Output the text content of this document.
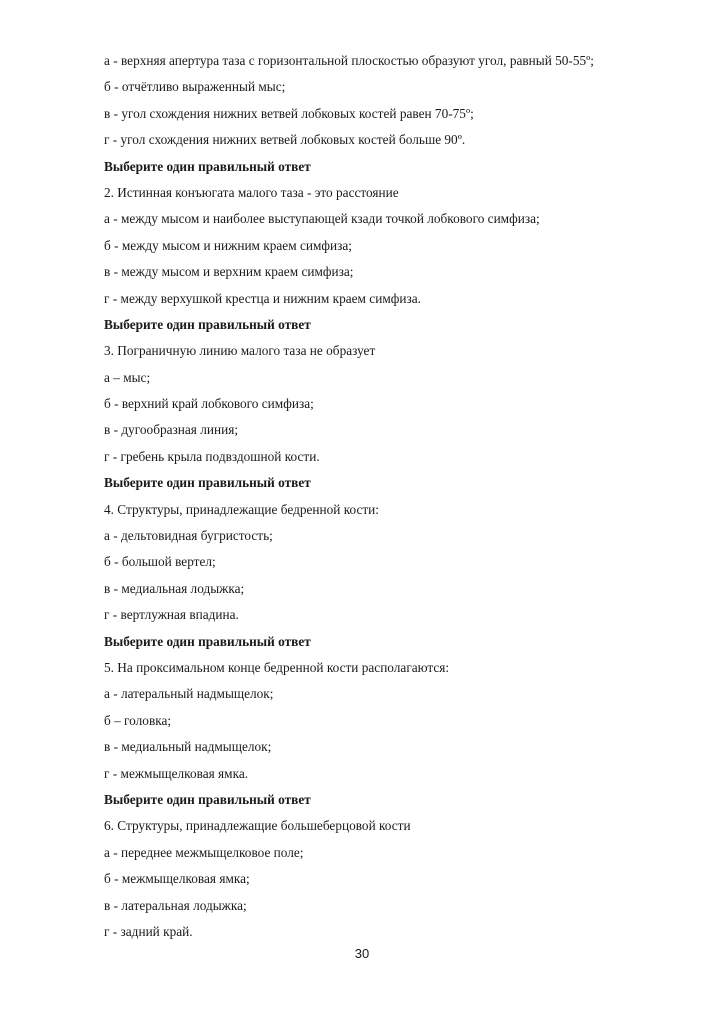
а - верхняя апертура таза с горизонтальной плоскостью образуют угол, равный 50-55º;
б - отчётливо выраженный мыс;
в - угол схождения нижних ветвей лобковых костей равен 70-75º;
г - угол схождения нижних ветвей лобковых костей больше 90º.
Выберите один правильный ответ
2. Истинная конъюгата малого таза - это расстояние
а - между мысом и наиболее выступающей кзади точкой лобкового симфиза;
б - между мысом и нижним краем симфиза;
в - между мысом и верхним краем симфиза;
г - между верхушкой крестца и нижним краем симфиза.
Выберите один правильный ответ
3. Пограничную линию малого таза не образует
а – мыс;
б - верхний край лобкового симфиза;
в - дугообразная линия;
г - гребень крыла подвздошной кости.
Выберите один правильный ответ
4. Структуры, принадлежащие бедренной кости:
а - дельтовидная бугристость;
б - большой вертел;
в - медиальная лодыжка;
г - вертлужная впадина.
Выберите один правильный ответ
5. На проксимальном конце бедренной кости располагаются:
а - латеральный надмыщелок;
б – головка;
в - медиальный надмыщелок;
г - межмыщелковая ямка.
Выберите один правильный ответ
6. Структуры, принадлежащие большеберцовой кости
а - переднее межмыщелковое поле;
б - межмыщелковая ямка;
в - латеральная лодыжка;
г - задний край.
30
